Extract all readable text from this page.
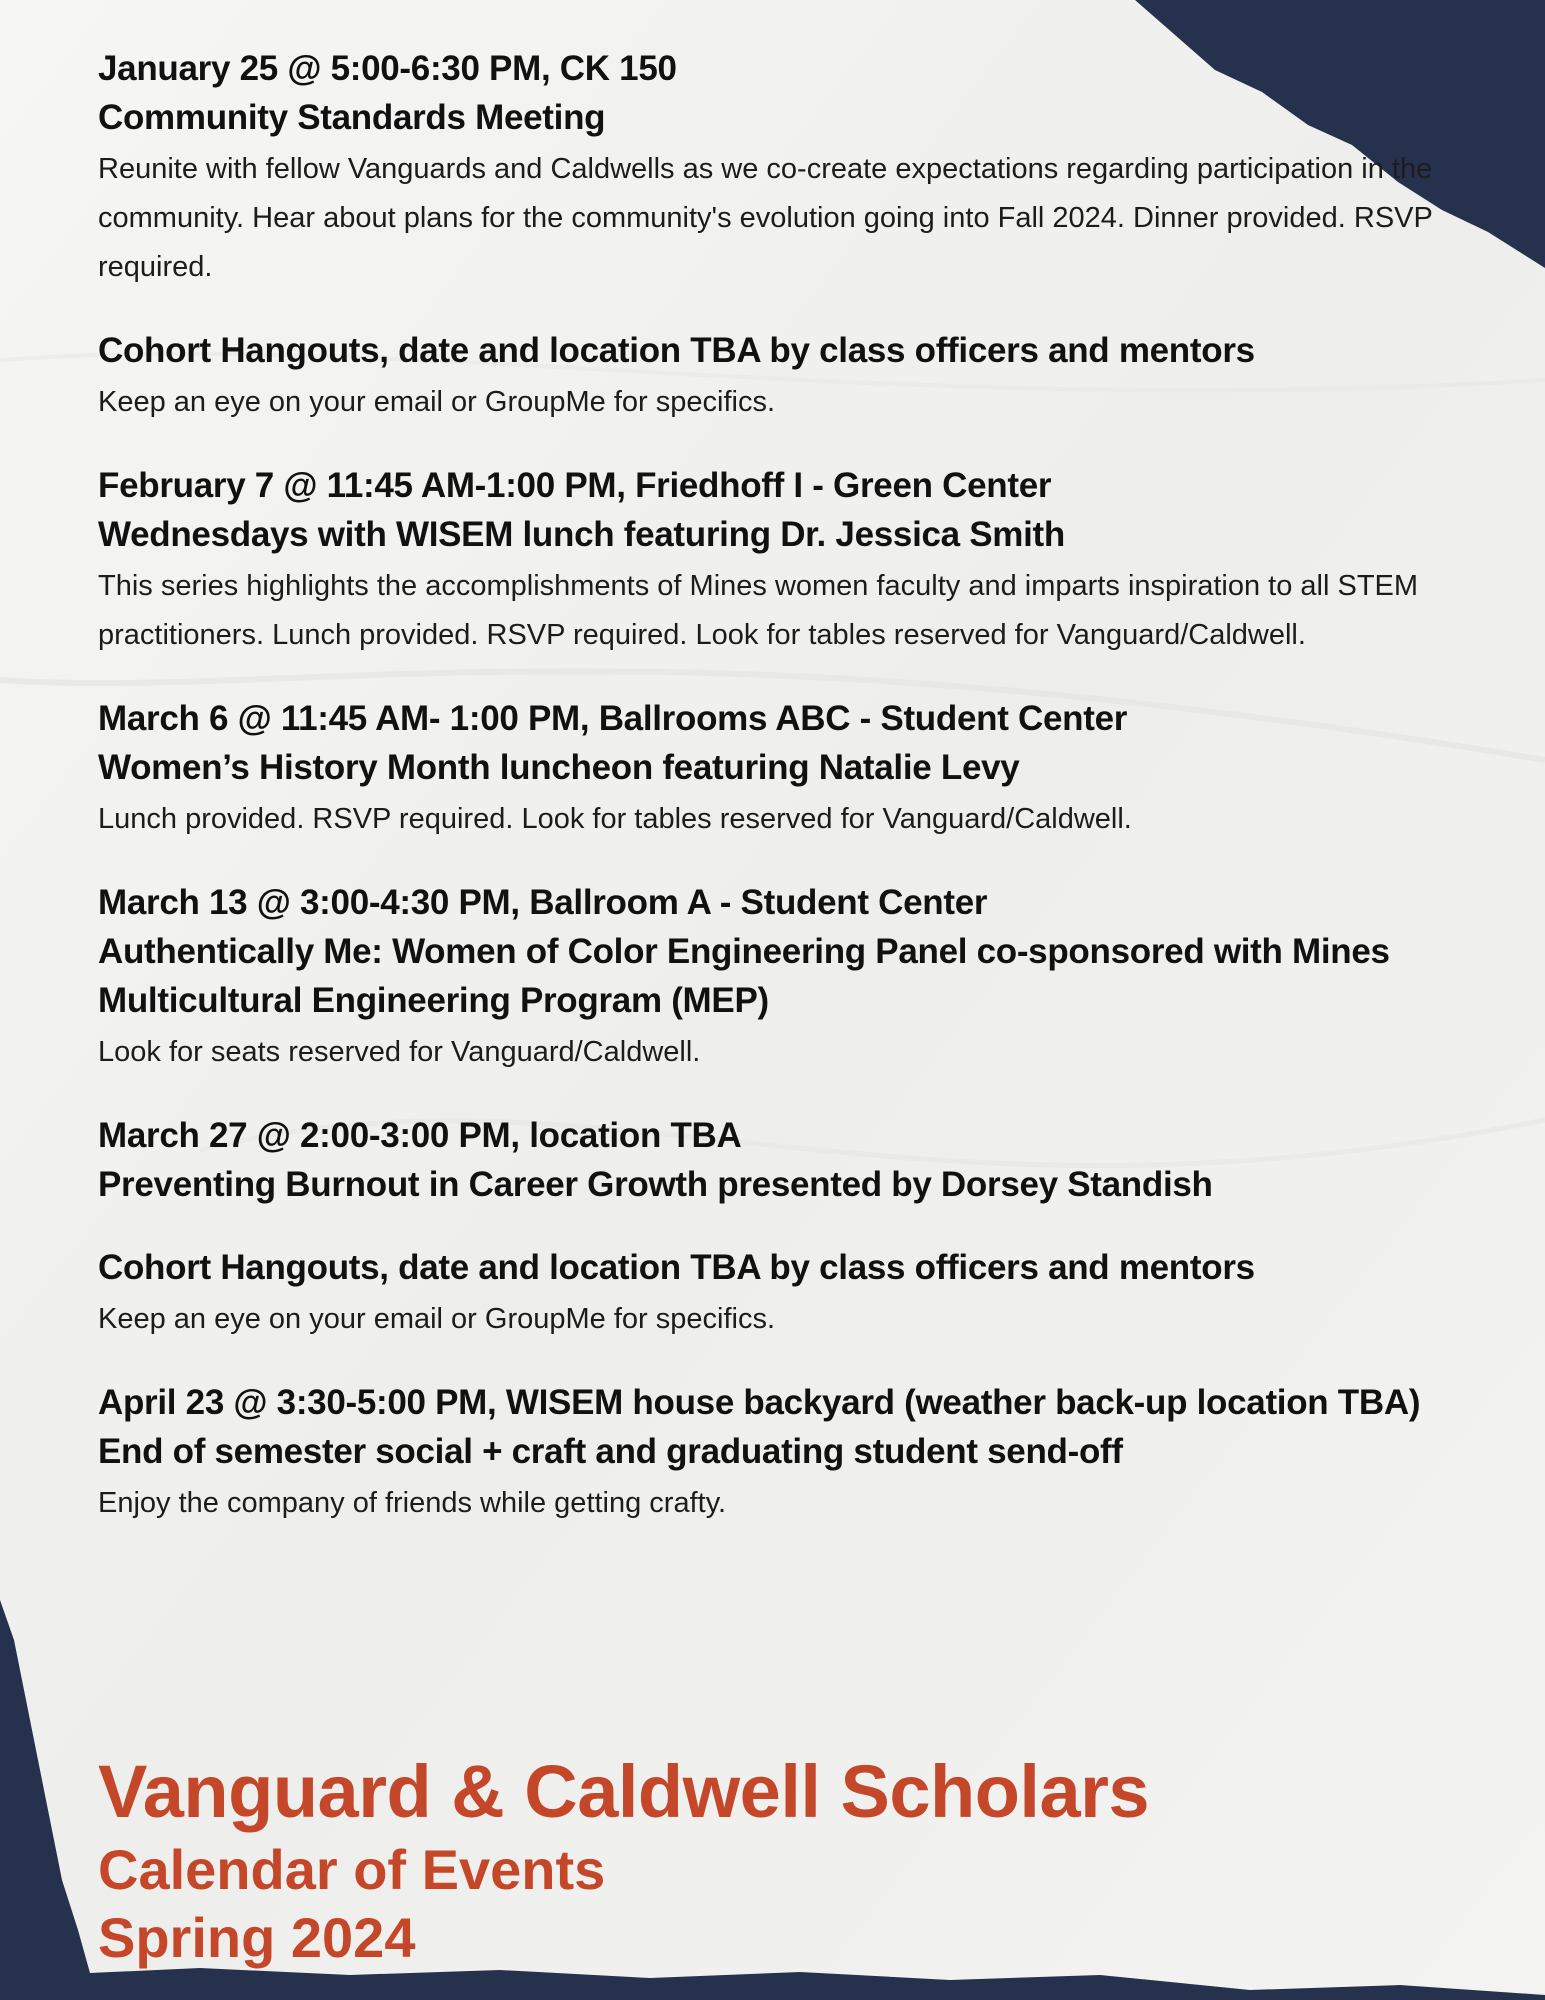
January 25 @ 5:00-6:30 PM, CK 150
Community Standards Meeting
Reunite with fellow Vanguards and Caldwells as we co-create expectations regarding participation in the community. Hear about plans for the community's evolution going into Fall 2024. Dinner provided. RSVP required.
Cohort Hangouts, date and location TBA by class officers and mentors
Keep an eye on your email or GroupMe for specifics.
February 7 @ 11:45 AM-1:00 PM, Friedhoff I - Green Center
Wednesdays with WISEM lunch featuring Dr. Jessica Smith
This series highlights the accomplishments of Mines women faculty and imparts inspiration to all STEM practitioners. Lunch provided. RSVP required. Look for tables reserved for Vanguard/Caldwell.
March 6 @ 11:45 AM- 1:00 PM, Ballrooms ABC - Student Center
Women’s History Month luncheon featuring Natalie Levy
Lunch provided. RSVP required. Look for tables reserved for Vanguard/Caldwell.
March 13 @ 3:00-4:30 PM, Ballroom A - Student Center
Authentically Me: Women of Color Engineering Panel co-sponsored with Mines Multicultural Engineering Program (MEP)
Look for seats reserved for Vanguard/Caldwell.
March 27 @ 2:00-3:00 PM, location TBA
Preventing Burnout in Career Growth presented by Dorsey Standish
Cohort Hangouts, date and location TBA by class officers and mentors
Keep an eye on your email or GroupMe for specifics.
April 23 @ 3:30-5:00 PM, WISEM house backyard (weather back-up location TBA)
End of semester social + craft and graduating student send-off
Enjoy the company of friends while getting crafty.
Vanguard & Caldwell Scholars
Calendar of Events
Spring 2024
